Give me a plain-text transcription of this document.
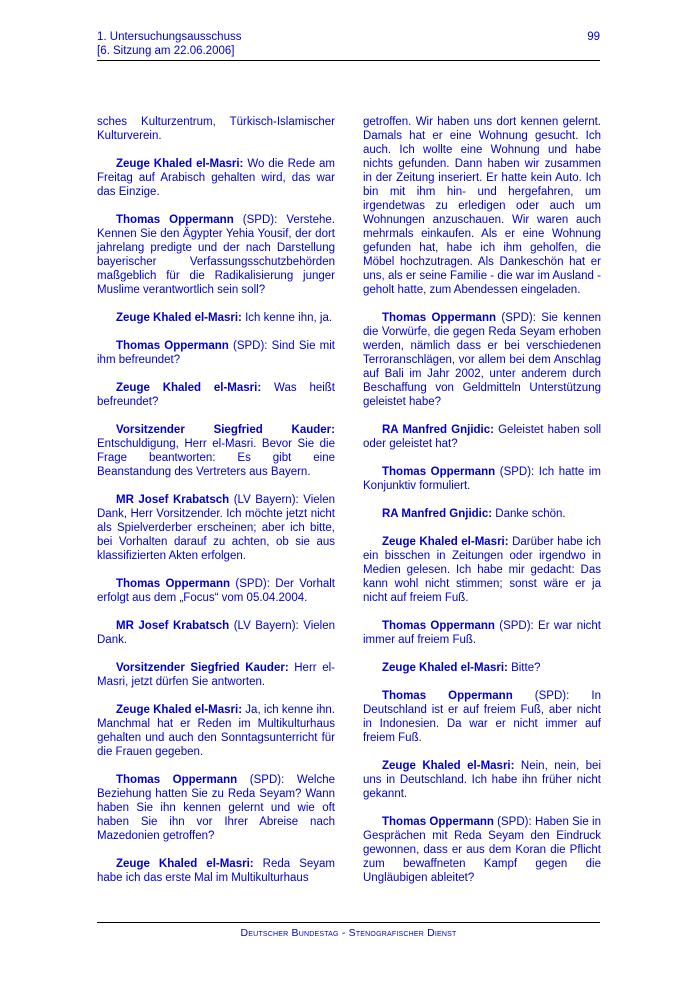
1. Untersuchungsausschuss
[6. Sitzung am 22.06.2006]
99

sches Kulturzentrum, Türkisch-Islamischer Kulturverein.

Zeuge Khaled el-Masri: Wo die Rede am Freitag auf Arabisch gehalten wird, das war das Einzige.

Thomas Oppermann (SPD): Verstehe. Kennen Sie den Ägypter Yehia Yousif, der dort jahrelang predigte und der nach Darstellung bayerischer Verfassungsschutzbehörden maßgeblich für die Radikalisierung junger Muslime verantwortlich sein soll?

Zeuge Khaled el-Masri: Ich kenne ihn, ja.

Thomas Oppermann (SPD): Sind Sie mit ihm befreundet?

Zeuge Khaled el-Masri: Was heißt befreundet?

Vorsitzender Siegfried Kauder: Entschuldigung, Herr el-Masri. Bevor Sie die Frage beantworten: Es gibt eine Beanstandung des Vertreters aus Bayern.

MR Josef Krabatsch (LV Bayern): Vielen Dank, Herr Vorsitzender. Ich möchte jetzt nicht als Spielverderber erscheinen; aber ich bitte, bei Vorhalten darauf zu achten, ob sie aus klassifizierten Akten erfolgen.

Thomas Oppermann (SPD): Der Vorhalt erfolgt aus dem „Focus“ vom 05.04.2004.

MR Josef Krabatsch (LV Bayern): Vielen Dank.

Vorsitzender Siegfried Kauder: Herr el-Masri, jetzt dürfen Sie antworten.

Zeuge Khaled el-Masri: Ja, ich kenne ihn. Manchmal hat er Reden im Multikulturhaus gehalten und auch den Sonntagsunterricht für die Frauen gegeben.

Thomas Oppermann (SPD): Welche Beziehung hatten Sie zu Reda Seyam? Wann haben Sie ihn kennen gelernt und wie oft haben Sie ihn vor Ihrer Abreise nach Mazedonien getroffen?

Zeuge Khaled el-Masri: Reda Seyam habe ich das erste Mal im Multikulturhaus

getroffen. Wir haben uns dort kennen gelernt. Damals hat er eine Wohnung gesucht. Ich auch. Ich wollte eine Wohnung und habe nichts gefunden. Dann haben wir zusammen in der Zeitung inseriert. Er hatte kein Auto. Ich bin mit ihm hin- und hergefahren, um irgendetwas zu erledigen oder auch um Wohnungen anzuschauen. Wir waren auch mehrmals einkaufen. Als er eine Wohnung gefunden hat, habe ich ihm geholfen, die Möbel hochzutragen. Als Dankeschön hat er uns, als er seine Familie - die war im Ausland - geholt hatte, zum Abendessen eingeladen.

Thomas Oppermann (SPD): Sie kennen die Vorwürfe, die gegen Reda Seyam erhoben werden, nämlich dass er bei verschiedenen Terroranschlägen, vor allem bei dem Anschlag auf Bali im Jahr 2002, unter anderem durch Beschaffung von Geldmitteln Unterstützung geleistet habe?

RA Manfred Gnjidic: Geleistet haben soll oder geleistet hat?

Thomas Oppermann (SPD): Ich hatte im Konjunktiv formuliert.

RA Manfred Gnjidic: Danke schön.

Zeuge Khaled el-Masri: Darüber habe ich ein bisschen in Zeitungen oder irgendwo in Medien gelesen. Ich habe mir gedacht: Das kann wohl nicht stimmen; sonst wäre er ja nicht auf freiem Fuß.

Thomas Oppermann (SPD): Er war nicht immer auf freiem Fuß.

Zeuge Khaled el-Masri: Bitte?

Thomas Oppermann (SPD): In Deutschland ist er auf freiem Fuß, aber nicht in Indonesien. Da war er nicht immer auf freiem Fuß.

Zeuge Khaled el-Masri: Nein, nein, bei uns in Deutschland. Ich habe ihn früher nicht gekannt.

Thomas Oppermann (SPD): Haben Sie in Gesprächen mit Reda Seyam den Eindruck gewonnen, dass er aus dem Koran die Pflicht zum bewaffneten Kampf gegen die Ungläubigen ableitet?

Deutscher Bundestag - Stenografischer Dienst
